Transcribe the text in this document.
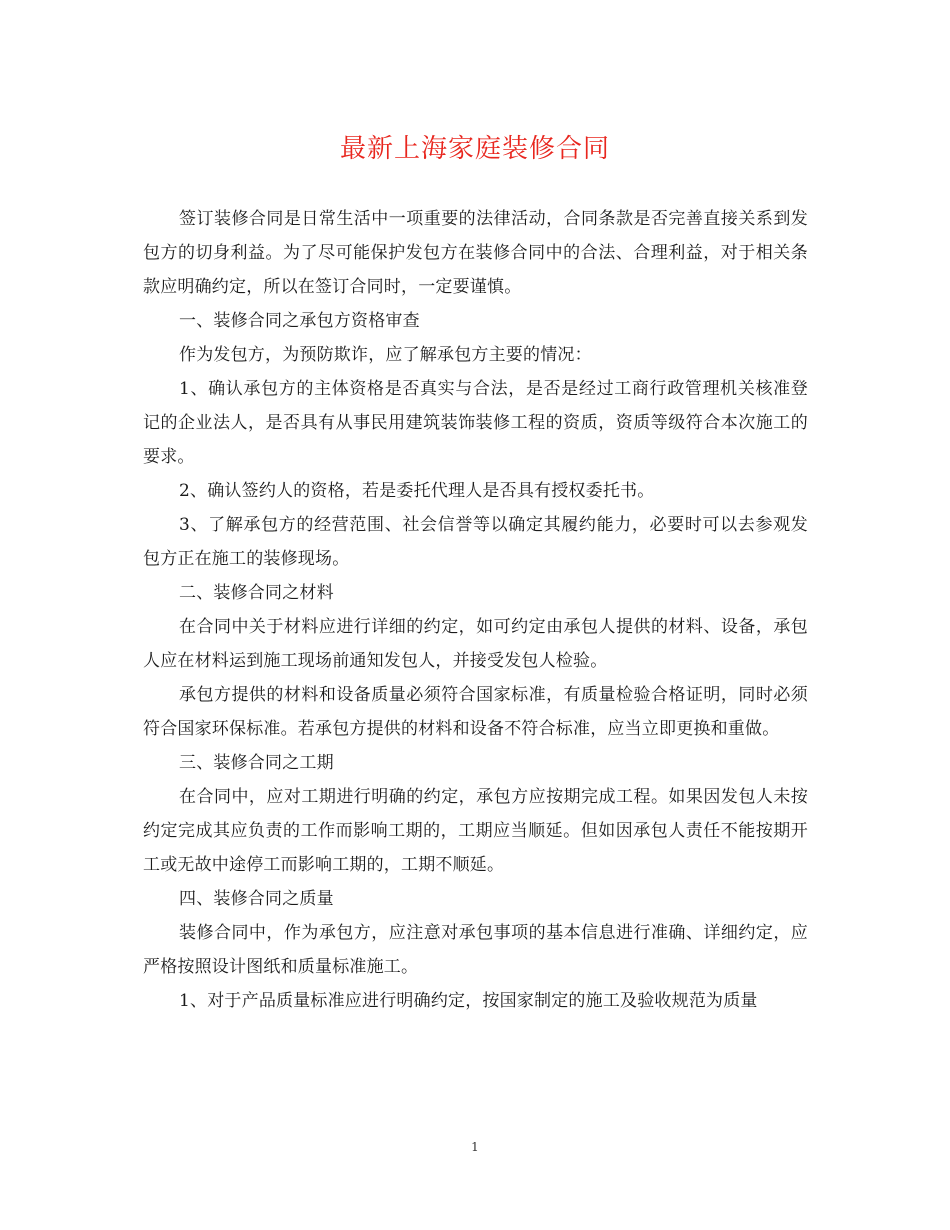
最新上海家庭装修合同

签订装修合同是日常生活中一项重要的法律活动，合同条款是否完善直接关系到发包方的切身利益。为了尽可能保护发包方在装修合同中的合法、合理利益，对于相关条款应明确约定，所以在签订合同时，一定要谨慎。

一、装修合同之承包方资格审查

作为发包方，为预防欺诈，应了解承包方主要的情况：

1、确认承包方的主体资格是否真实与合法，是否是经过工商行政管理机关核准登记的企业法人，是否具有从事民用建筑装饰装修工程的资质，资质等级符合本次施工的要求。

2、确认签约人的资格，若是委托代理人是否具有授权委托书。

3、了解承包方的经营范围、社会信誉等以确定其履约能力，必要时可以去参观发包方正在施工的装修现场。

二、装修合同之材料

在合同中关于材料应进行详细的约定，如可约定由承包人提供的材料、设备，承包人应在材料运到施工现场前通知发包人，并接受发包人检验。

承包方提供的材料和设备质量必须符合国家标准，有质量检验合格证明，同时必须符合国家环保标准。若承包方提供的材料和设备不符合标准，应当立即更换和重做。

三、装修合同之工期

在合同中，应对工期进行明确的约定，承包方应按期完成工程。如果因发包人未按约定完成其应负责的工作而影响工期的，工期应当顺延。但如因承包人责任不能按期开工或无故中途停工而影响工期的，工期不顺延。

四、装修合同之质量

装修合同中，作为承包方，应注意对承包事项的基本信息进行准确、详细约定，应严格按照设计图纸和质量标准施工。

1、对于产品质量标准应进行明确约定，按国家制定的施工及验收规范为质量

1
